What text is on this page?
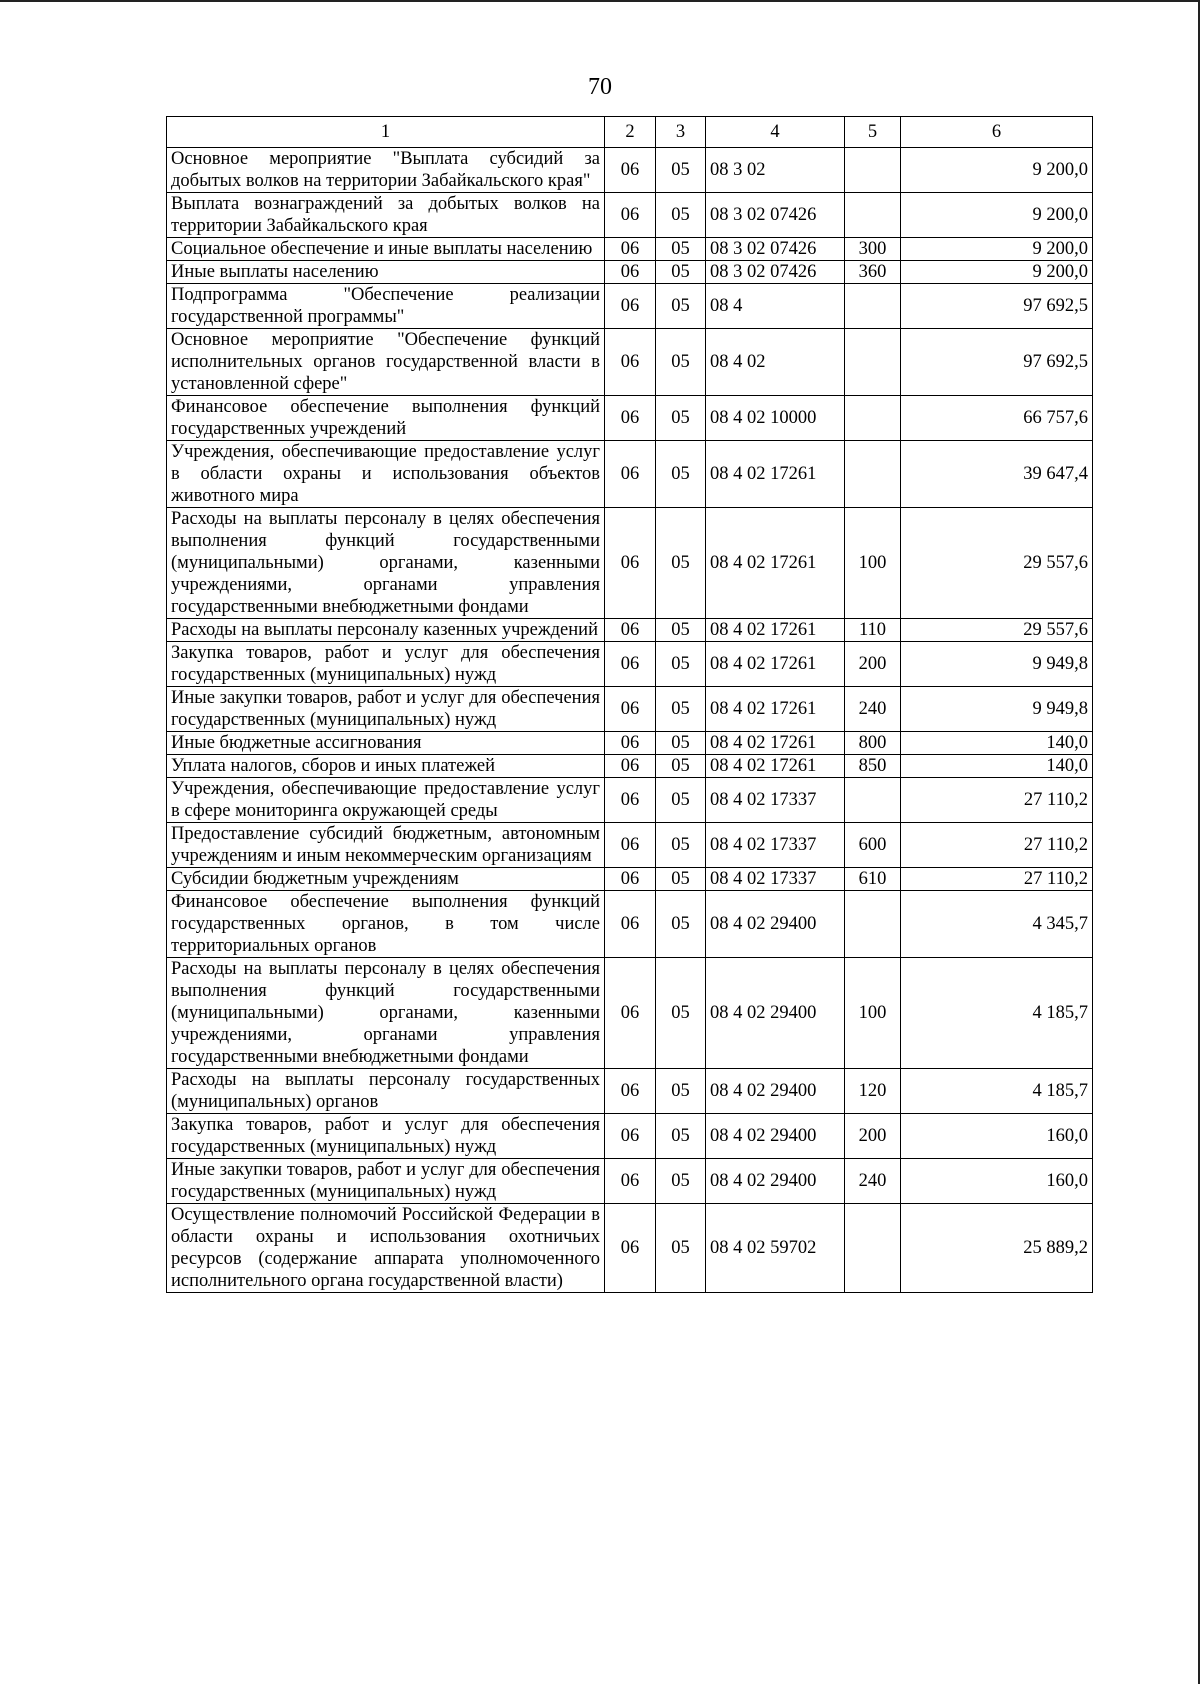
70
1	2	3	4	5	6
Основное мероприятие "Выплата субсидий за добытых волков на территории Забайкальского края"	06	05	08 3 02		9 200,0
Выплата вознаграждений за добытых волков на территории Забайкальского края	06	05	08 3 02 07426		9 200,0
Социальное обеспечение и иные выплаты населению	06	05	08 3 02 07426	300	9 200,0
Иные выплаты населению	06	05	08 3 02 07426	360	9 200,0
Подпрограмма "Обеспечение реализации государственной программы"	06	05	08 4		97 692,5
Основное мероприятие "Обеспечение функций исполнительных органов государственной власти в установленной сфере"	06	05	08 4 02		97 692,5
Финансовое обеспечение выполнения функций государственных учреждений	06	05	08 4 02 10000		66 757,6
Учреждения, обеспечивающие предоставление услуг в области охраны и использования объектов животного мира	06	05	08 4 02 17261		39 647,4
Расходы на выплаты персоналу в целях обеспечения выполнения функций государственными (муниципальными) органами, казенными учреждениями, органами управления государственными внебюджетными фондами	06	05	08 4 02 17261	100	29 557,6
Расходы на выплаты персоналу казенных учреждений	06	05	08 4 02 17261	110	29 557,6
Закупка товаров, работ и услуг для обеспечения государственных (муниципальных) нужд	06	05	08 4 02 17261	200	9 949,8
Иные закупки товаров, работ и услуг для обеспечения государственных (муниципальных) нужд	06	05	08 4 02 17261	240	9 949,8
Иные бюджетные ассигнования	06	05	08 4 02 17261	800	140,0
Уплата налогов, сборов и иных платежей	06	05	08 4 02 17261	850	140,0
Учреждения, обеспечивающие предоставление услуг в сфере мониторинга окружающей среды	06	05	08 4 02 17337		27 110,2
Предоставление субсидий бюджетным, автономным учреждениям и иным некоммерческим организациям	06	05	08 4 02 17337	600	27 110,2
Субсидии бюджетным учреждениям	06	05	08 4 02 17337	610	27 110,2
Финансовое обеспечение выполнения функций государственных органов, в том числе территориальных органов	06	05	08 4 02 29400		4 345,7
Расходы на выплаты персоналу в целях обеспечения выполнения функций государственными (муниципальными) органами, казенными учреждениями, органами управления государственными внебюджетными фондами	06	05	08 4 02 29400	100	4 185,7
Расходы на выплаты персоналу государственных (муниципальных) органов	06	05	08 4 02 29400	120	4 185,7
Закупка товаров, работ и услуг для обеспечения государственных (муниципальных) нужд	06	05	08 4 02 29400	200	160,0
Иные закупки товаров, работ и услуг для обеспечения государственных (муниципальных) нужд	06	05	08 4 02 29400	240	160,0
Осуществление полномочий Российской Федерации в области охраны и использования охотничьих ресурсов (содержание аппарата уполномоченного исполнительного органа государственной власти)	06	05	08 4 02 59702		25 889,2
